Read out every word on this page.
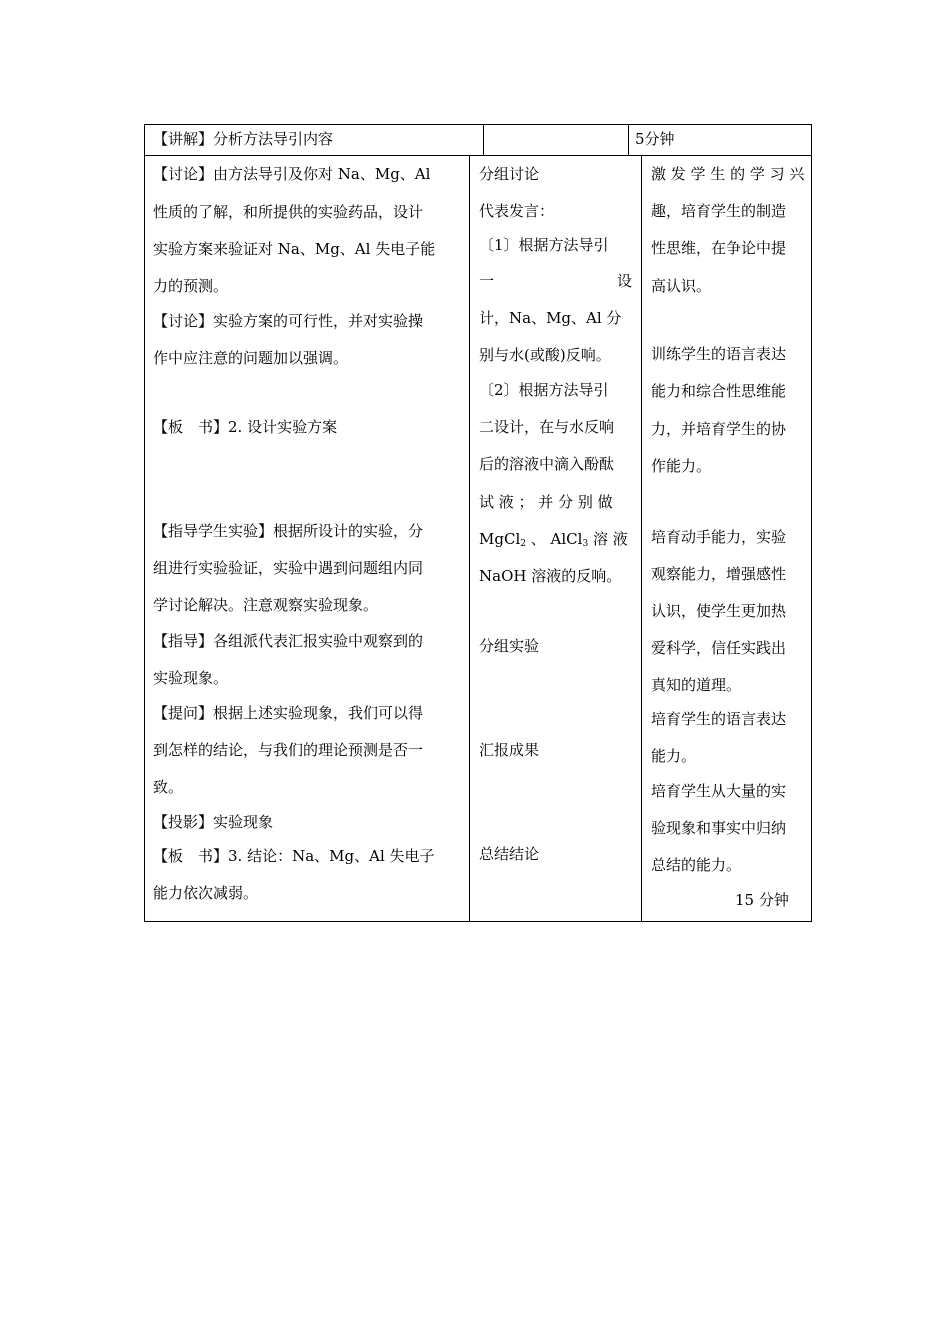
【讲解】分析方法导引内容	5分钟
【讨论】由方法导引及你对 Na、Mg、Al
性质的了解，和所提供的实验药品，设计
实验方案来验证对 Na、Mg、Al 失电子能
力的预测。
【讨论】实验方案的可行性，并对实验操
作中应注意的问题加以强调。
【板　书】2. 设计实验方案
【指导学生实验】根据所设计的实验，分
组进行实验验证，实验中遇到问题组内同
学讨论解决。注意观察实验现象。
【指导】各组派代表汇报实验中观察到的
实验现象。
【提问】根据上述实验现象，我们可以得
到怎样的结论，与我们的理论预测是否一
致。
【投影】实验现象
【板　书】3. 结论：Na、Mg、Al 失电子
能力依次减弱。
分组讨论
代表发言：
〔1〕根据方法导引
一	设
计，Na、Mg、Al 分
别与水(或酸)反响。
〔2〕根据方法导引
二设计，在与水反响
后的溶液中滴入酚酞
试 液 ； 并 分 别 做
MgCl$_2$ 、 AlCl$_3$ 溶 液
NaOH 溶液的反响。
分组实验
汇报成果
总结结论
激 发 学 生 的 学 习 兴
趣，培育学生的制造
性思维，在争论中提
高认识。
训练学生的语言表达
能力和综合性思维能
力，并培育学生的协
作能力。
培育动手能力，实验
观察能力，增强感性
认识，使学生更加热
爱科学，信任实践出
真知的道理。
培育学生的语言表达
能力。
培育学生从大量的实
验现象和事实中归纳
总结的能力。
15 分钟
